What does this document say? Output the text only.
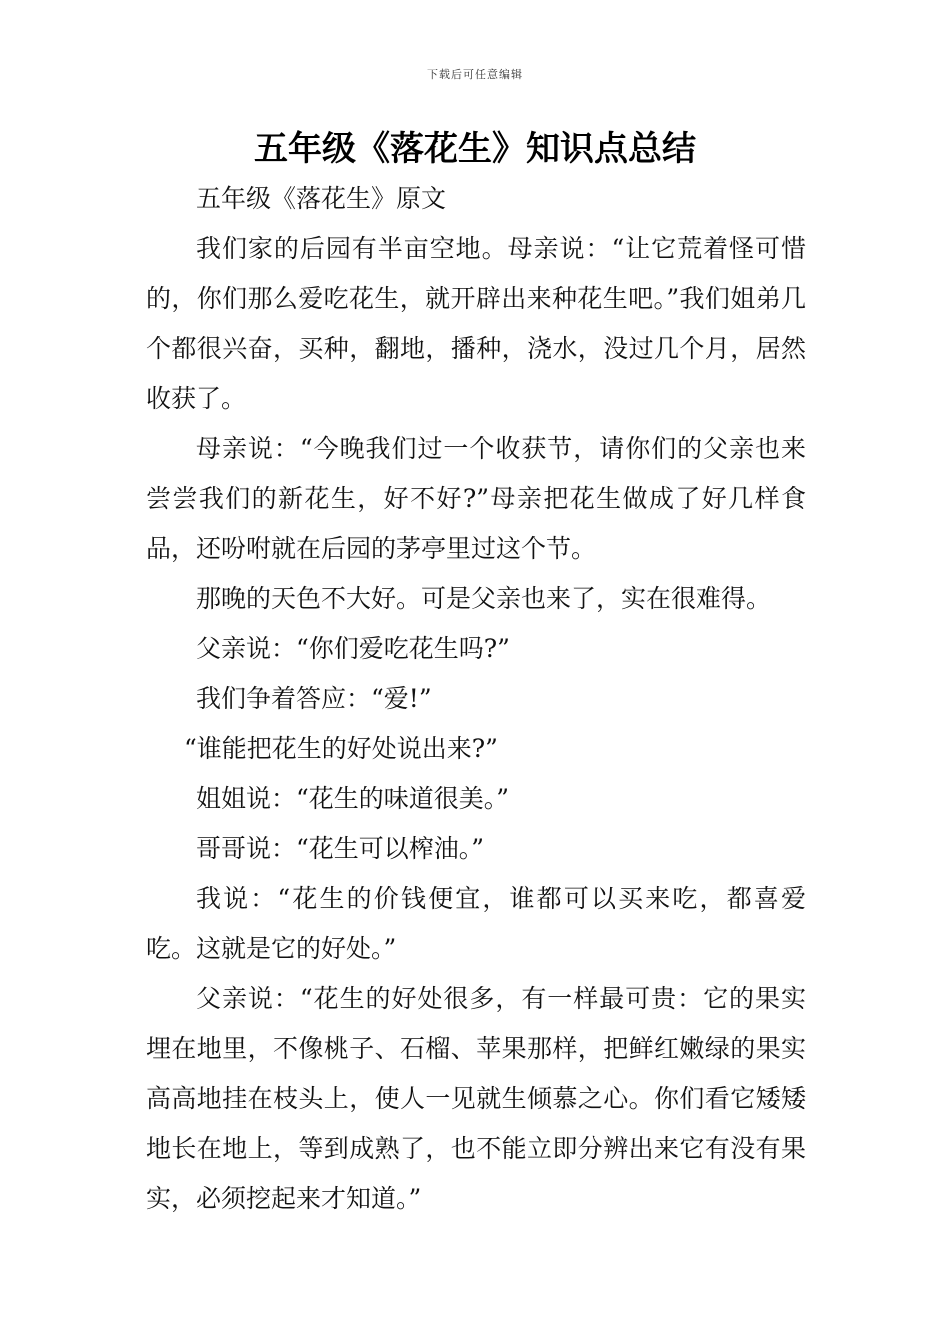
下载后可任意编辑
五年级《落花生》知识点总结

五年级《落花生》原文

我们家的后园有半亩空地。母亲说：“让它荒着怪可惜的，你们那么爱吃花生，就开辟出来种花生吧。”我们姐弟几个都很兴奋，买种，翻地，播种，浇水，没过几个月，居然收获了。

母亲说：“今晚我们过一个收获节，请你们的父亲也来尝尝我们的新花生，好不好?”母亲把花生做成了好几样食品，还吩咐就在后园的茅亭里过这个节。

那晚的天色不大好。可是父亲也来了，实在很难得。

父亲说：“你们爱吃花生吗?”

我们争着答应：“爱!”

“谁能把花生的好处说出来?”

姐姐说：“花生的味道很美。”

哥哥说：“花生可以榨油。”

我说：“花生的价钱便宜，谁都可以买来吃，都喜爱吃。这就是它的好处。”

父亲说：“花生的好处很多，有一样最可贵：它的果实埋在地里，不像桃子、石榴、苹果那样，把鲜红嫩绿的果实高高地挂在枝头上，使人一见就生倾慕之心。你们看它矮矮地长在地上，等到成熟了，也不能立即分辨出来它有没有果实，必须挖起来才知道。”
